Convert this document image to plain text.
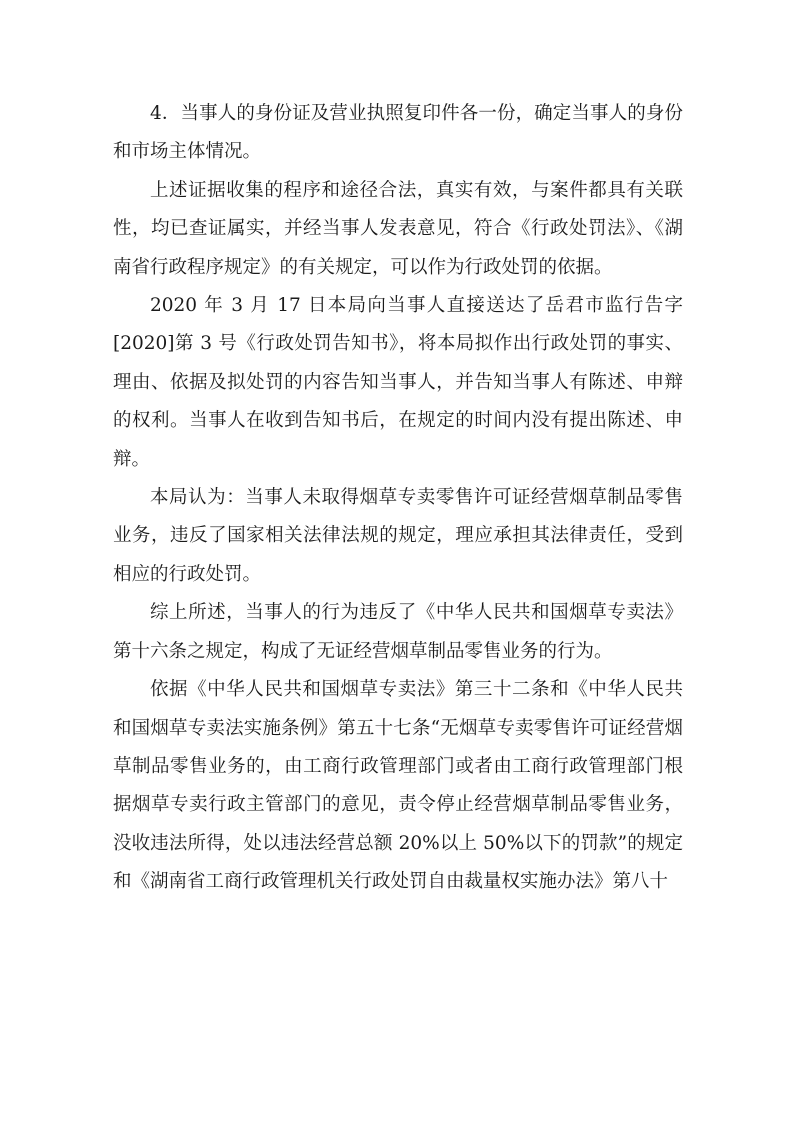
4．当事人的身份证及营业执照复印件各一份，确定当事人的身份和市场主体情况。

上述证据收集的程序和途径合法，真实有效，与案件都具有关联性，均已查证属实，并经当事人发表意见，符合《行政处罚法》、《湖南省行政程序规定》的有关规定，可以作为行政处罚的依据。

2020 年 3 月 17 日本局向当事人直接送达了岳君市监行告字[2020]第 3 号《行政处罚告知书》，将本局拟作出行政处罚的事实、理由、依据及拟处罚的内容告知当事人，并告知当事人有陈述、申辩的权利。当事人在收到告知书后，在规定的时间内没有提出陈述、申辩。

本局认为：当事人未取得烟草专卖零售许可证经营烟草制品零售业务，违反了国家相关法律法规的规定，理应承担其法律责任，受到相应的行政处罚。

综上所述，当事人的行为违反了《中华人民共和国烟草专卖法》第十六条之规定，构成了无证经营烟草制品零售业务的行为。

依据《中华人民共和国烟草专卖法》第三十二条和《中华人民共和国烟草专卖法实施条例》第五十七条“无烟草专卖零售许可证经营烟草制品零售业务的，由工商行政管理部门或者由工商行政管理部门根据烟草专卖行政主管部门的意见，责令停止经营烟草制品零售业务，没收违法所得，处以违法经营总额 20%以上 50%以下的罚款”的规定和《湖南省工商行政管理机关行政处罚自由裁量权实施办法》第八十
